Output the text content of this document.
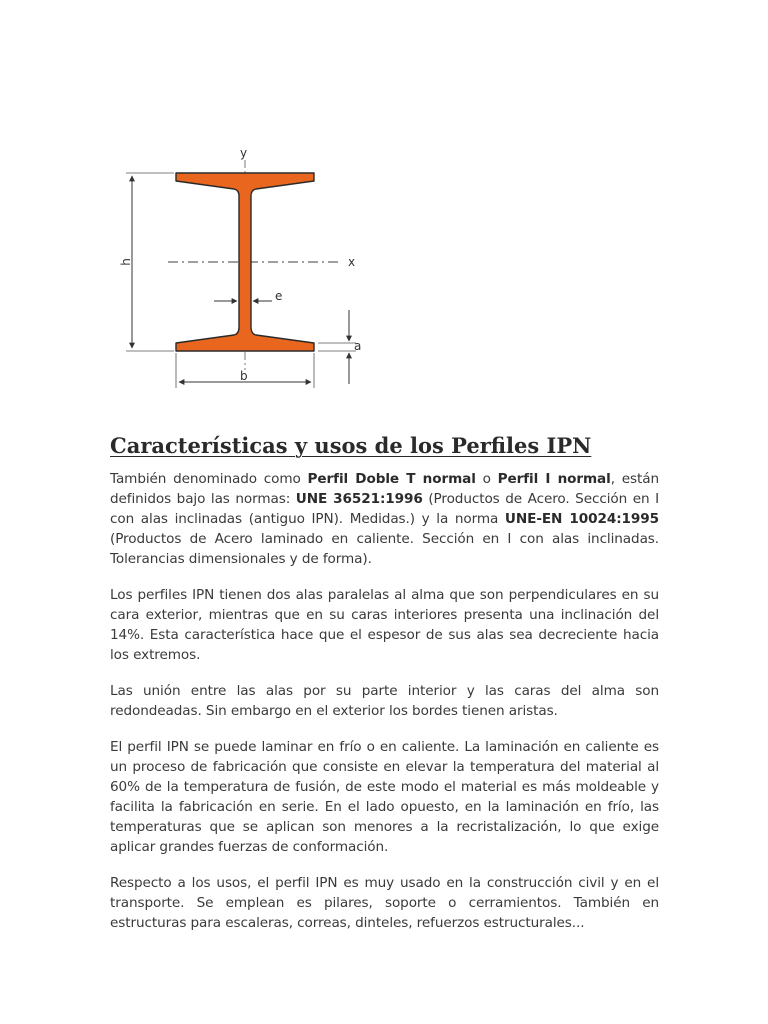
y
x
h
e
a
b
Características y usos de los Perfiles IPN

También denominado como Perfil Doble T normal o Perfil I normal, están definidos bajo las normas: UNE 36521:1996 (Productos de Acero. Sección en I con alas inclinadas (antiguo IPN). Medidas.) y la norma UNE-EN 10024:1995 (Productos de Acero laminado en caliente. Sección en I con alas inclinadas. Tolerancias dimensionales y de forma).

Los perfiles IPN tienen dos alas paralelas al alma que son perpendiculares en su cara exterior, mientras que en su caras interiores presenta una inclinación del 14%. Esta característica hace que el espesor de sus alas sea decreciente hacia los extremos.

Las unión entre las alas por su parte interior y las caras del alma son redondeadas. Sin embargo en el exterior los bordes tienen aristas.

El perfil IPN se puede laminar en frío o en caliente. La laminación en caliente es un proceso de fabricación que consiste en elevar la temperatura del material al 60% de la temperatura de fusión, de este modo el material es más moldeable y facilita la fabricación en serie. En el lado opuesto, en la laminación en frío, las temperaturas que se aplican son menores a la recristalización, lo que exige aplicar grandes fuerzas de conformación.

Respecto a los usos, el perfil IPN es muy usado en la construcción civil y en el transporte. Se emplean es pilares, soporte o cerramientos. También en estructuras para escaleras, correas, dinteles, refuerzos estructurales...
